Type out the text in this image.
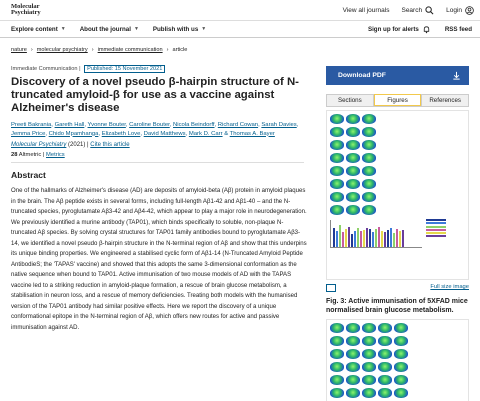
Molecular
Psychiatry	View all journals Search	Login
Explore content ▼ About the journal ▼ Publish with us ▼	Sign up for alerts	RSS feed
nature › molecular psychiatry › immediate communication › article
Immediate Communication | Published: 15 November 2021
Discovery of a novel pseudo β-hairpin structure of N-truncated amyloid-β for use as a vaccine against Alzheimer's disease
Preeti Bakrania, Gareth Hall, Yvonne Bouter, Caroline Bouter, Nicola Beindorff, Richard Cowan, Sarah Davies, Jemma Price, Chido Mpamhanga, Elizabeth Love, David Matthews, Mark D. Carr & Thomas A. Bayer
Molecular Psychiatry (2021) | Cite this article
28 Altmetric | Metrics
Abstract

One of the hallmarks of Alzheimer's disease (AD) are deposits of amyloid-beta (Aβ) protein in amyloid plaques in the brain. The Aβ peptide exists in several forms, including full-length Aβ1-42 and Aβ1-40 – and the N-truncated species, pyroglutamate Aβ3-42 and Aβ4-42, which appear to play a major role in neurodegeneration. We previously identified a murine antibody (TAP01), which binds specifically to soluble, non-plaque N-truncated Aβ species. By solving crystal structures for TAP01 family antibodies bound to pyroglutamate Aβ3-14, we identified a novel pseudo β-hairpin structure in the N-terminal region of Aβ and show that this underpins its unique binding properties. We engineered a stabilised cyclic form of Aβ1-14 (N-Truncated Amyloid Peptide AntibodieS; the 'TAPAS' vaccine) and showed that this adopts the same 3-dimensional conformation as the native sequence when bound to TAP01. Active immunisation of two mouse models of AD with the TAPAS vaccine led to a striking reduction in amyloid-plaque formation, a rescue of brain glucose metabolism, a stabilisation in neuron loss, and a rescue of memory deficiencies. Treating both models with the humanised version of the TAP01 antibody had similar positive effects. Here we report the discovery of a unique conformational epitope in the N-terminal region of Aβ, which offers new routes for active and passive immunisation against AD.

Download PDF
Sections	Figures	References
Full size image
Fig. 3: Active immunisation of 5XFAD mice normalised brain glucose metabolism.
